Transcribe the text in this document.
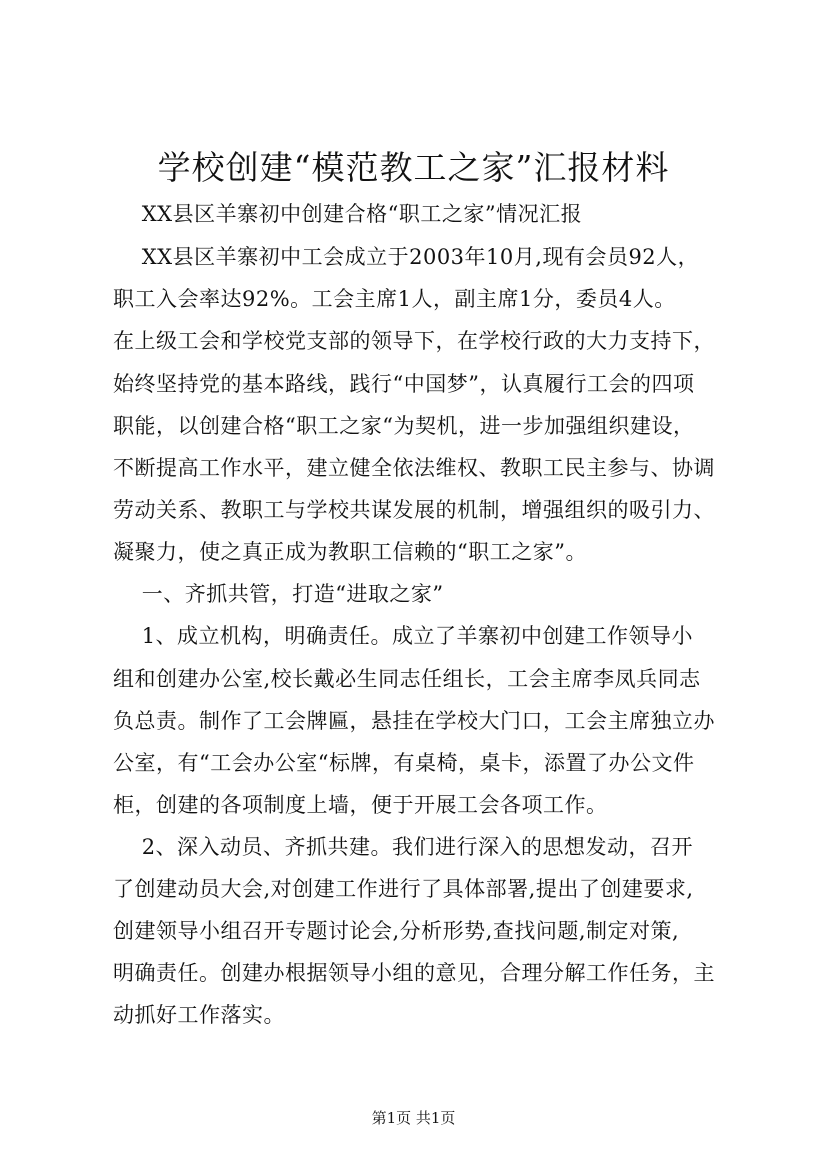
学校创建“模范教工之家”汇报材料
XX县区羊寨初中创建合格“职工之家”情况汇报
XX县区羊寨初中工会成立于2003年10月,现有会员92人，
职工入会率达92%。工会主席1人，副主席1分，委员4人。
在上级工会和学校党支部的领导下，在学校行政的大力支持下，
始终坚持党的基本路线，践行“中国梦”，认真履行工会的四项
职能，以创建合格“职工之家“为契机，进一步加强组织建设，
不断提高工作水平，建立健全依法维权、教职工民主参与、协调
劳动关系、教职工与学校共谋发展的机制，增强组织的吸引力、
凝聚力，使之真正成为教职工信赖的“职工之家”。
一、齐抓共管，打造“进取之家”
1、成立机构，明确责任。成立了羊寨初中创建工作领导小
组和创建办公室,校长戴必生同志任组长，工会主席李凤兵同志
负总责。制作了工会牌匾，悬挂在学校大门口，工会主席独立办
公室，有“工会办公室“标牌，有桌椅，桌卡，添置了办公文件
柜，创建的各项制度上墙，便于开展工会各项工作。
2、深入动员、齐抓共建。我们进行深入的思想发动，召开
了创建动员大会,对创建工作进行了具体部署,提出了创建要求,
创建领导小组召开专题讨论会,分析形势,查找问题,制定对策,
明确责任。创建办根据领导小组的意见，合理分解工作任务，主
动抓好工作落实。
第1页 共1页
